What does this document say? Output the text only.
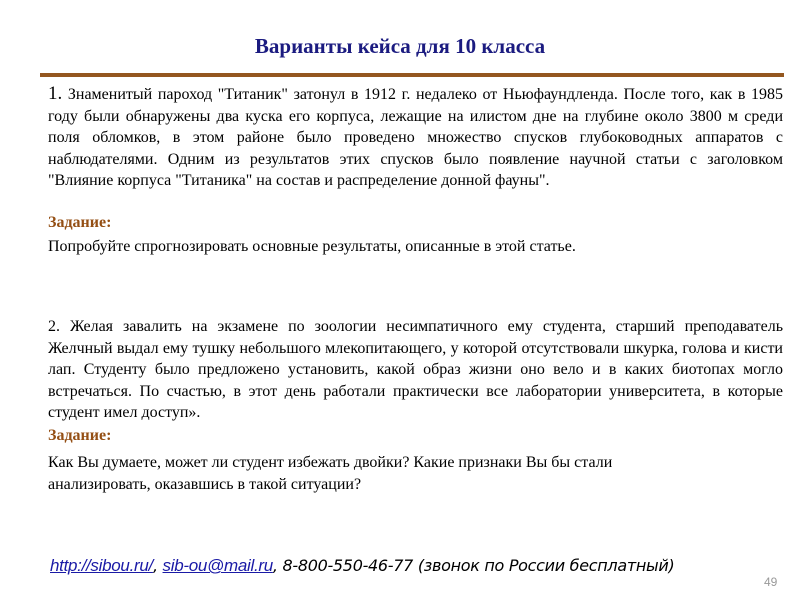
Варианты кейса для 10 класса
1. Знаменитый пароход "Титаник" затонул в 1912 г. недалеко от Ньюфаундленда. После того, как в 1985 году были обнаружены два куска его корпуса, лежащие на илистом дне на глубине около 3800 м среди поля обломков, в этом районе было проведено множество спусков глубоководных аппаратов с наблюдателями. Одним из результатов этих спусков было появление научной статьи с заголовком "Влияние корпуса "Титаника" на состав и распределение донной фауны".
Задание:
Попробуйте спрогнозировать основные результаты, описанные в этой статье.
2. Желая завалить на экзамене по зоологии несимпатичного ему студента, старший преподаватель Желчный выдал ему тушку небольшого млекопитающего, у которой отсутствовали шкурка, голова и кисти лап. Студенту было предложено установить, какой образ жизни оно вело и в каких биотопах могло встречаться. По счастью, в этот день работали практически все лаборатории университета, в которые студент имел доступ».
Задание:
Как Вы думаете, может ли студент избежать двойки? Какие признаки Вы бы стали анализировать, оказавшись в такой ситуации?
http://sibou.ru/, sib-ou@mail.ru, 8-800-550-46-77 (звонок по России бесплатный)
49
